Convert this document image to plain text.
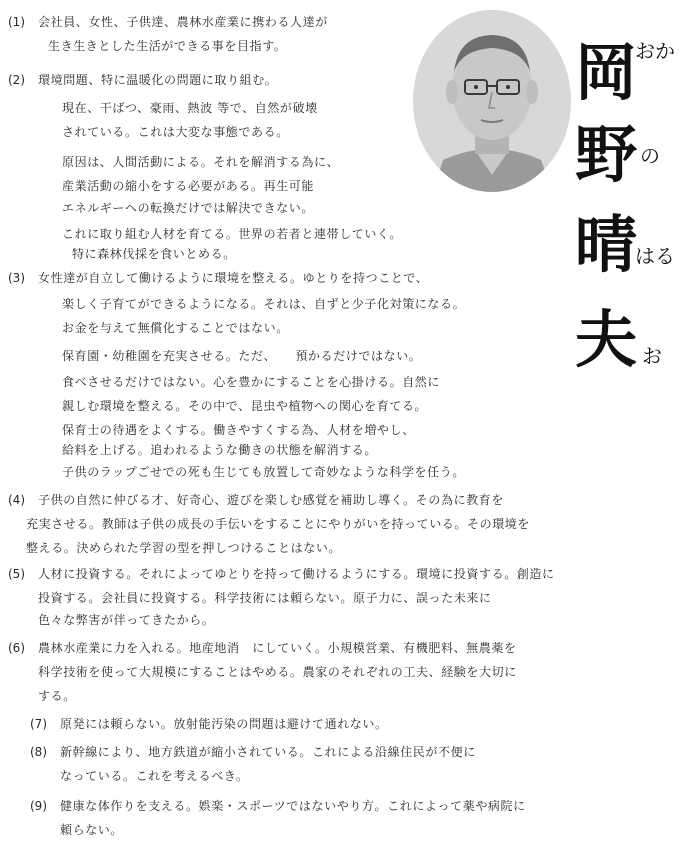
岡
おか
野 の
晴
はる
夫 お
(1) 会社員、女性、子供達、農林水産業に携わる人達が
生き生きとした生活ができる事を目指す。
(2) 環境問題、特に温暖化の問題に取り組む。
現在、干ばつ、豪雨、熱波 等で、自然が破壊
されている。これは大変な事態である。
原因は、人間活動による。それを解消する為に、
産業活動の縮小をする必要がある。再生可能
エネルギーへの転換だけでは解決できない。
これに取り組む人材を育てる。世界の若者と連帯していく。
特に森林伐採を食いとめる。
(3) 女性達が自立して働けるように環境を整える。ゆとりを持つことで、
楽しく子育てができるようになる。それは、自ずと少子化対策になる。
お金を与えて無償化することではない。
保育園・幼稚園を充実させる。ただ、　　預かるだけではない。
食べさせるだけではない。心を豊かにすることを心掛ける。自然に
親しむ環境を整える。その中で、昆虫や植物への関心を育てる。
保育士の待遇をよくする。働きやすくする為、人材を増やし、
給料を上げる。追われるような働きの状態を解消する。
子供のラップごせでの死も生じても放置して奇妙なような科学を任う。
(4) 子供の自然に仲びる才、好奇心、遊びを楽しむ感覚を補助し導く。その為に教育を
充実させる。教師は子供の成長の手伝いをすることにやりがいを持っている。その環境を
整える。決められた学習の型を押しつけることはない。
(5) 人材に投資する。それによってゆとりを持って働けるようにする。環境に投資する。創造に
投資する。会社員に投資する。科学技術には頼らない。原子力に、誤った未来に
色々な弊害が伴ってきたから。
(6) 農林水産業に力を入れる。地産地消　にしていく。小規模営業、有機肥料、無農薬を
科学技術を使って大規模にすることはやめる。農家のそれぞれの工夫、経験を大切に
する。
(7) 原発には頼らない。放射能汚染の問題は避けて通れない。
(8) 新幹線により、地方鉄道が縮小されている。これによる沿線住民が不便に
なっている。これを考えるべき。
(9) 健康な体作りを支える。娯楽・スポーツではないやり方。これによって薬や病院に
頼らない。
